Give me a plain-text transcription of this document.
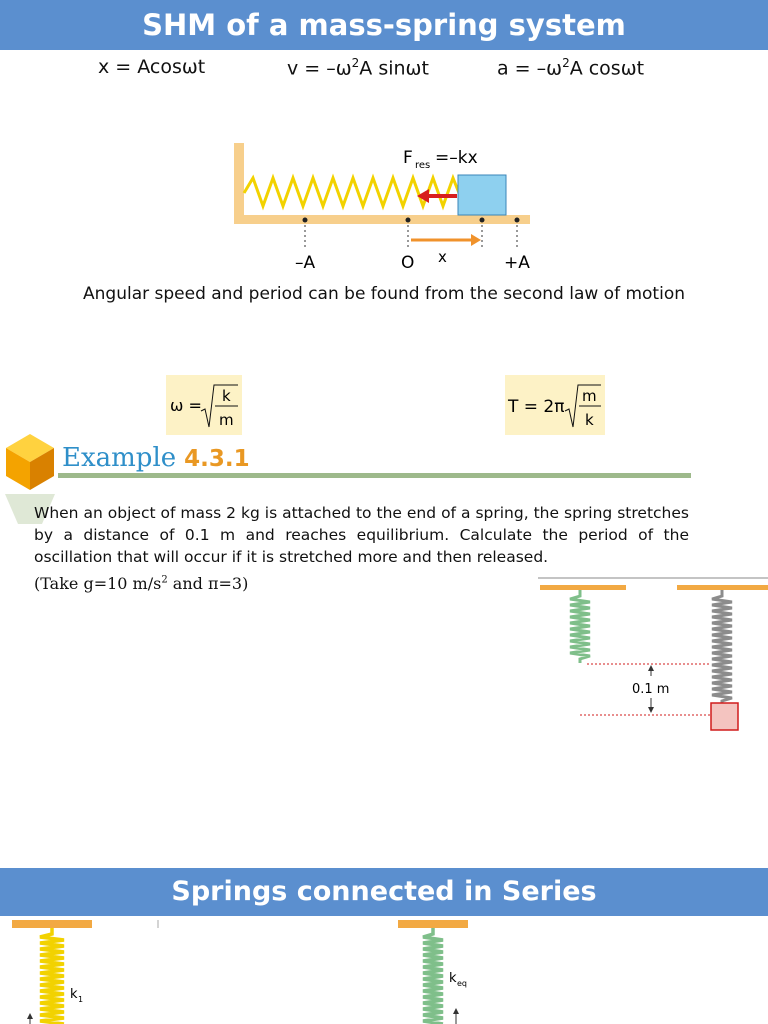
SHM of a mass-spring system
x = Acosωt	$v = -\omega^2A$ sinωt	$a = -\omega^2A$ cosωt
F res =–kx
–A	O x	+A
Angular speed and period can be found from the second law of motion
ω = k
m
T = 2π
m
k
Example 4.3.1
When an object of mass 2 kg is attached to the end of a spring, the spring stretches by a distance of 0.1 m and reaches equilibrium. Calculate the period of the oscillation that will occur if it is stretched more and then released.
(Take g=10 $m/s^2$ and π=3)
0.1 m
Springs connected in Series
k 1
k eq
